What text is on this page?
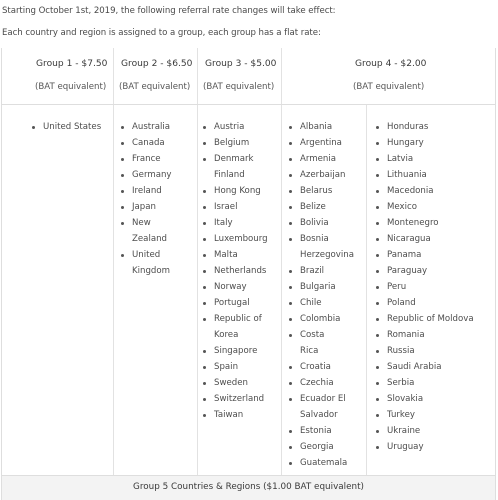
Starting October 1st, 2019, the following referral rate changes will take effect:
Each country and region is assigned to a group, each group has a flat rate:
Group 1 - $7.50
(BAT equivalent)
Group 2 - $6.50
(BAT equivalent)
Group 3 - $5.00
(BAT equivalent)
Group 4 - $2.00
(BAT equivalent)
United States	Australia
Canada
France
Germany
Ireland
Japan
New
Zealand
United
Kingdom
Austria
Belgium
Denmark
Finland
Hong Kong
Israel
Italy
Luxembourg
Malta
Netherlands
Norway
Portugal
Republic of
Korea
Singapore
Spain
Sweden
Switzerland
Taiwan
Albania
Argentina
Armenia
Azerbaijan
Belarus
Belize
Bolivia
Bosnia
Herzegovina
Brazil
Bulgaria
Chile
Colombia
Costa
Rica
Croatia
Czechia
Ecuador El
Salvador
Estonia
Georgia
Guatemala
Honduras
Hungary
Latvia
Lithuania
Macedonia
Mexico
Montenegro
Nicaragua
Panama
Paraguay
Peru
Poland
Republic of Moldova
Romania
Russia
Saudi Arabia
Serbia
Slovakia
Turkey
Ukraine
Uruguay
Group 5 Countries & Regions ($1.00 BAT equivalent)
